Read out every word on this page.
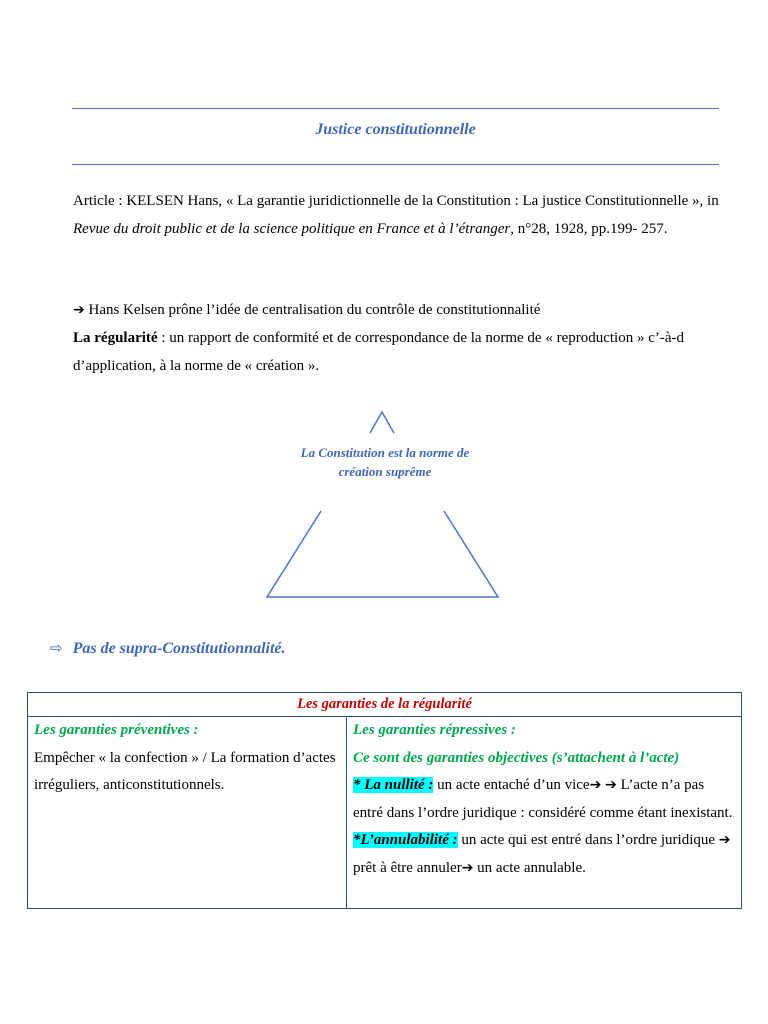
Justice constitutionnelle
Article : KELSEN Hans, « La garantie juridictionnelle de la Constitution : La justice Constitutionnelle », in Revue du droit public et de la science politique en France et à l’étranger, n°28, 1928, pp.199- 257.
➔ Hans Kelsen prône l’idée de centralisation du contrôle de constitutionnalité
La régularité : un rapport de conformité et de correspondance de la norme de « reproduction » c’-à-d d’application, à la norme de « création ».
La Constitution est la norme de création suprême
⇨ Pas de supra-Constitutionnalité.
Les garanties de la régularité

Les garanties préventives :
Empêcher « la confection » / La formation d’actes irréguliers, anticonstitutionnels.

Les garanties répressives :
Ce sont des garanties objectives (s’attachent à l’acte)
* La nullité : un acte entaché d’un vice➔ ➔ L’acte n’a pas entré dans l’ordre juridique : considéré comme étant inexistant.
*L’annulabilité : un acte qui est entré dans l’ordre juridique ➔ prêt à être annuler➔ un acte annulable.
